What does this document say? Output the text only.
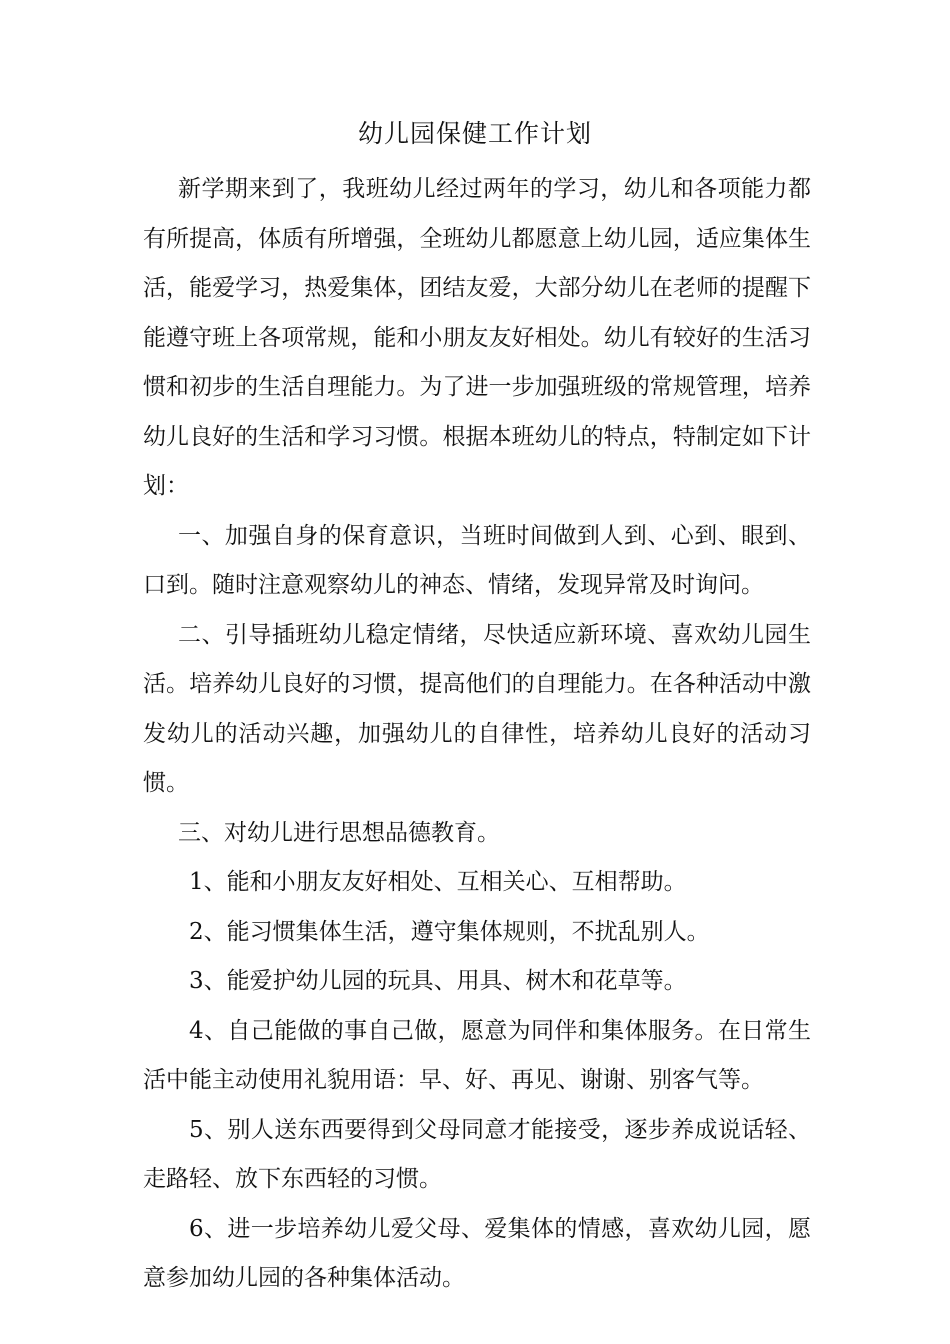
幼儿园保健工作计划

新学期来到了，我班幼儿经过两年的学习，幼儿和各项能力都有所提高，体质有所增强，全班幼儿都愿意上幼儿园，适应集体生活，能爱学习，热爱集体，团结友爱，大部分幼儿在老师的提醒下能遵守班上各项常规，能和小朋友友好相处。幼儿有较好的生活习惯和初步的生活自理能力。为了进一步加强班级的常规管理，培养幼儿良好的生活和学习习惯。根据本班幼儿的特点，特制定如下计划：

一、加强自身的保育意识，当班时间做到人到、心到、眼到、口到。随时注意观察幼儿的神态、情绪，发现异常及时询问。

二、引导插班幼儿稳定情绪，尽快适应新环境、喜欢幼儿园生活。培养幼儿良好的习惯，提高他们的自理能力。在各种活动中激发幼儿的活动兴趣，加强幼儿的自律性，培养幼儿良好的活动习惯。

三、对幼儿进行思想品德教育。

1、能和小朋友友好相处、互相关心、互相帮助。

2、能习惯集体生活，遵守集体规则，不扰乱别人。

3、能爱护幼儿园的玩具、用具、树木和花草等。

4、自己能做的事自己做，愿意为同伴和集体服务。在日常生活中能主动使用礼貌用语：早、好、再见、谢谢、别客气等。

5、别人送东西要得到父母同意才能接受，逐步养成说话轻、走路轻、放下东西轻的习惯。

6、进一步培养幼儿爱父母、爱集体的情感，喜欢幼儿园，愿意参加幼儿园的各种集体活动。
